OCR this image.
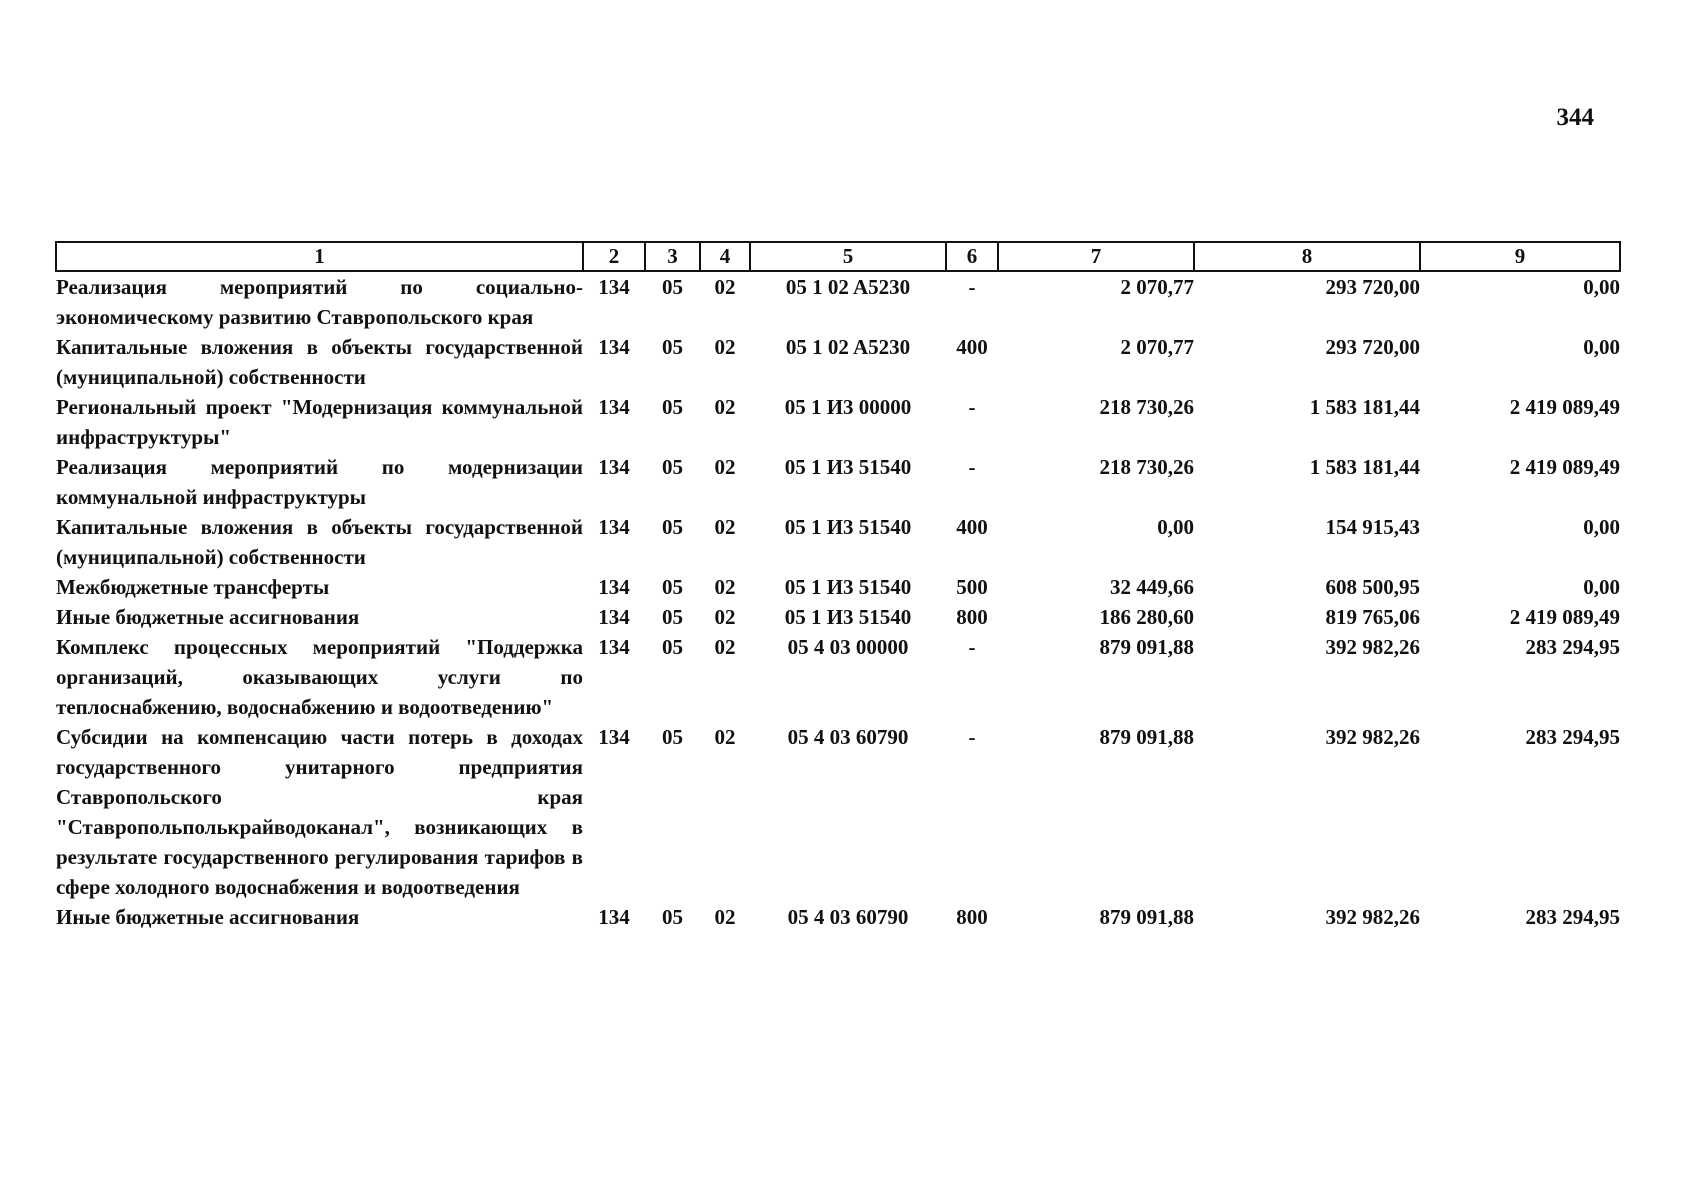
344
1	2	3	4	5	6	7	8	9
Реализация мероприятий по социально-экономическому развитию Ставропольского края	134	05	02	05 1 02 A5230	-	2 070,77	293 720,00	0,00
Капитальные вложения в объекты государственной (муниципальной) собственности	134	05	02	05 1 02 A5230	400	2 070,77	293 720,00	0,00
Региональный проект "Модернизация коммунальной инфраструктуры"	134	05	02	05 1 И3 00000	-	218 730,26	1 583 181,44	2 419 089,49
Реализация мероприятий по модернизации коммунальной инфраструктуры	134	05	02	05 1 И3 51540	-	218 730,26	1 583 181,44	2 419 089,49
Капитальные вложения в объекты государственной (муниципальной) собственности	134	05	02	05 1 И3 51540	400	0,00	154 915,43	0,00
Межбюджетные трансферты	134	05	02	05 1 И3 51540	500	32 449,66	608 500,95	0,00
Иные бюджетные ассигнования	134	05	02	05 1 И3 51540	800	186 280,60	819 765,06	2 419 089,49
Комплекс процессных мероприятий "Поддержка организаций, оказывающих услуги по теплоснабжению, водоснабжению и водоотведению"	134	05	02	05 4 03 00000	-	879 091,88	392 982,26	283 294,95
Субсидии на компенсацию части потерь в доходах государственного унитарного предприятия Ставропольского края "Ставропольполькрайводоканал", возникающих в результате государственного регулирования тарифов в сфере холодного водоснабжения и водоотведения	134	05	02	05 4 03 60790	-	879 091,88	392 982,26	283 294,95
Иные бюджетные ассигнования	134	05	02	05 4 03 60790	800	879 091,88	392 982,26	283 294,95
